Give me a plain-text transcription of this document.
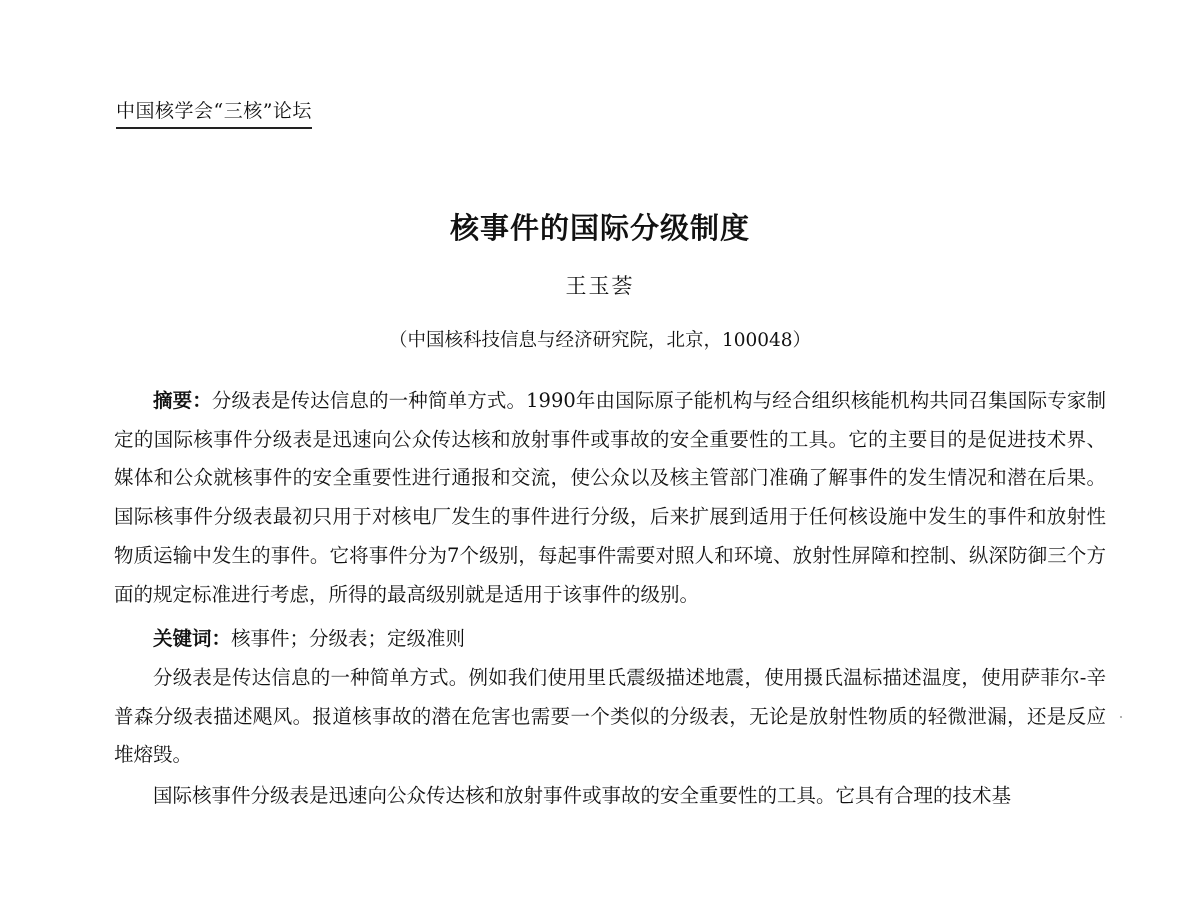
中国核学会“三核”论坛
核事件的国际分级制度
王玉荟
（中国核科技信息与经济研究院，北京，100048）

摘要：分级表是传达信息的一种简单方式。1990年由国际原子能机构与经合组织核能机构共同召集国际专家制定的国际核事件分级表是迅速向公众传达核和放射事件或事故的安全重要性的工具。它的主要目的是促进技术界、媒体和公众就核事件的安全重要性进行通报和交流，使公众以及核主管部门准确了解事件的发生情况和潜在后果。国际核事件分级表最初只用于对核电厂发生的事件进行分级，后来扩展到适用于任何核设施中发生的事件和放射性物质运输中发生的事件。它将事件分为7个级别，每起事件需要对照人和环境、放射性屏障和控制、纵深防御三个方面的规定标准进行考虑，所得的最高级别就是适用于该事件的级别。

关键词：核事件；分级表；定级准则

分级表是传达信息的一种简单方式。例如我们使用里氏震级描述地震，使用摄氏温标描述温度，使用萨菲尔-辛普森分级表描述飓风。报道核事故的潜在危害也需要一个类似的分级表，无论是放射性物质的轻微泄漏，还是反应堆熔毁。

国际核事件分级表是迅速向公众传达核和放射事件或事故的安全重要性的工具。它具有合理的技术基
